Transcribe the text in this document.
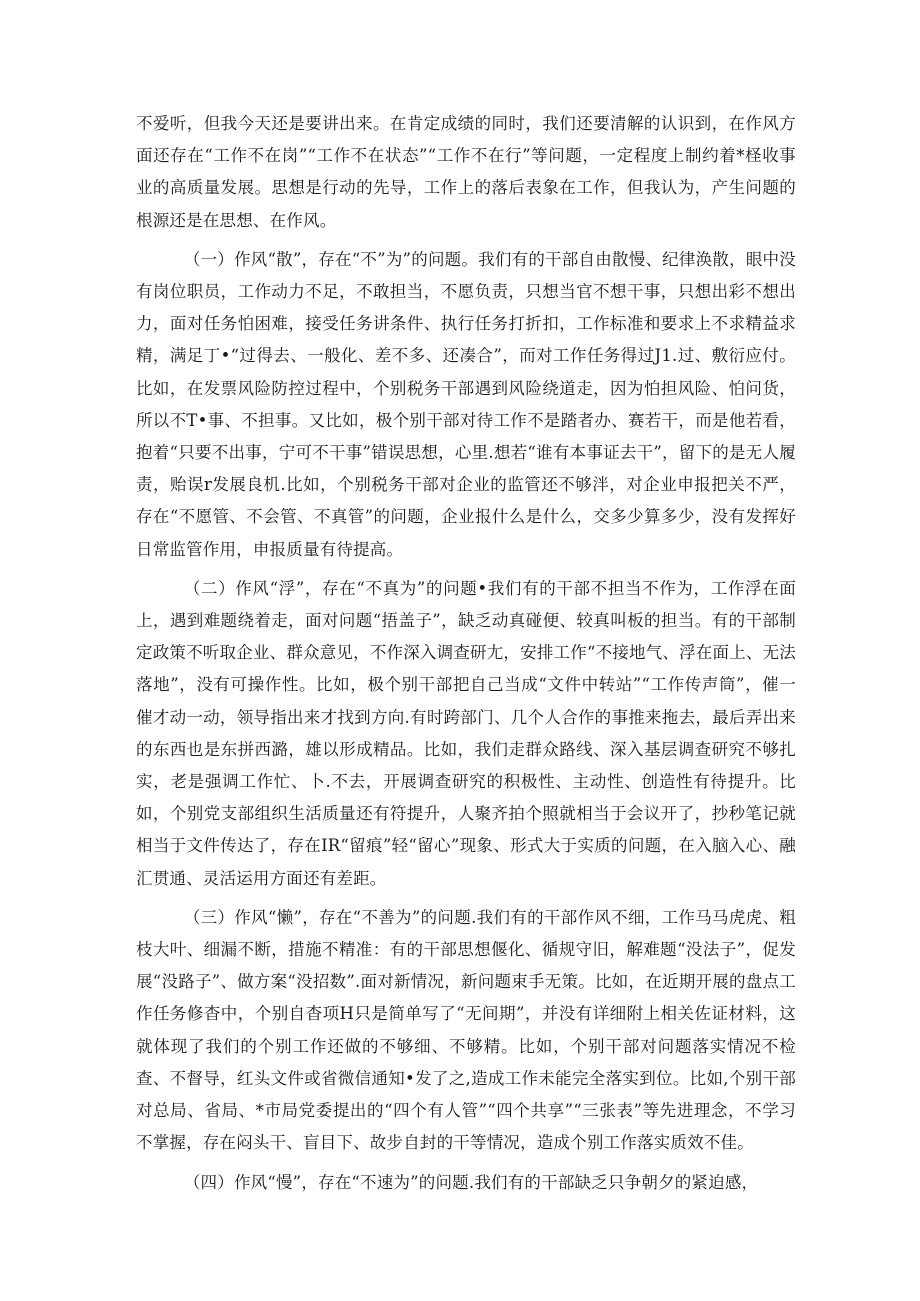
不爱听，但我今天还是要讲出来。在肯定成绩的同时，我们还要清解的认识到，在作风方面还存在“工作不在岗”“工作不在状态”“工作不在行”等问题，一定程度上制约着*柽收事业的高质量发展。思想是行动的先导，工作上的落后表象在工作，但我认为，产生问题的根源还是在思想、在作风。

（一）作风“散”，存在“不”为”的问题。我们有的干部自由散慢、纪律涣散，眼中没有岗位职员，工作动力不足，不敢担当，不愿负责，只想当官不想干事，只想出彩不想出力，面对任务怕困难，接受任务讲条件、执行任务打折扣，工作标准和要求上不求精益求精，满足丁•“过得去、一般化、差不多、还凑合”，而对工作任务得过J1.过、敷衍应付。比如，在发票风险防控过程中，个别税务干部遇到风险绕道走，因为怕担风险、怕问货，所以不T•事、不担事。又比如，极个别干部对待工作不是踏者办、赛若干，而是他若看，抱着“只要不出事，宁可不干事”错误思想，心里.想若“谁有本事证去干”，留下的是无人履责，贻误r发展良机.比如，个别税务干部对企业的监管还不够泮，对企业申报把关不严，存在“不愿管、不会管、不真管”的问题，企业报什么是什么，交多少算多少，没有发挥好日常监管作用，申报质量有待提高。

（二）作风“浮”，存在“不真为”的问题•我们有的干部不担当不作为，工作浮在面上，遇到难题绕着走，面对问题“捂盖子”，缺乏动真碰便、较真叫板的担当。有的干部制定政策不听取企业、群众意见，不作深入调查研尢，安排工作“不接地气、浮在面上、无法落地”，没有可操作性。比如，极个别干部把自己当成“文件中转站”“工作传声筒”，催一催才动一动，领导指出来才找到方向.有时跨部门、几个人合作的事推来拖去，最后弄出来的东西也是东拼西潞，雄以形成精品。比如，我们走群众路线、深入基层调查研究不够扎实，老是强调工作忙、卜.不去，开展调查研究的积极性、主动性、创造性有待提升。比如，个别党支部组织生活质量还有符提升，人聚齐拍个照就相当于会议开了，抄秒笔记就相当于文件传达了，存在IR“留痕”轻“留心”现象、形式大于实质的问题，在入脑入心、融汇贯通、灵活运用方面还有差距。

（三）作风“懒”，存在“不善为”的问题.我们有的干部作风不细，工作马马虎虎、粗枝大叶、细漏不断，措施不精准：有的干部思想偃化、循规守旧，解难题“没法子”，促发展“没路子”、做方案“没招数”.面对新情况，新问题束手无策。比如，在近期开展的盘点工作任务修杳中，个别自杳项H只是简单写了“无间期”，并没有详细附上相关佐证材料，这就体现了我们的个别工作还做的不够细、不够精。比如，个别干部对问题落实情况不检查、不督导，红头文件或省微信通知•发了之,造成工作未能完全落实到位。比如,个别干部对总局、省局、*市局党委提出的“四个有人管”“四个共享”“三张表”等先进理念，不学习不掌握，存在闷头干、盲目下、故步自封的干等情况，造成个别工作落实质效不佳。

（四）作风“慢”，存在“不速为”的问题.我们有的干部缺乏只争朝夕的紧迫感，
